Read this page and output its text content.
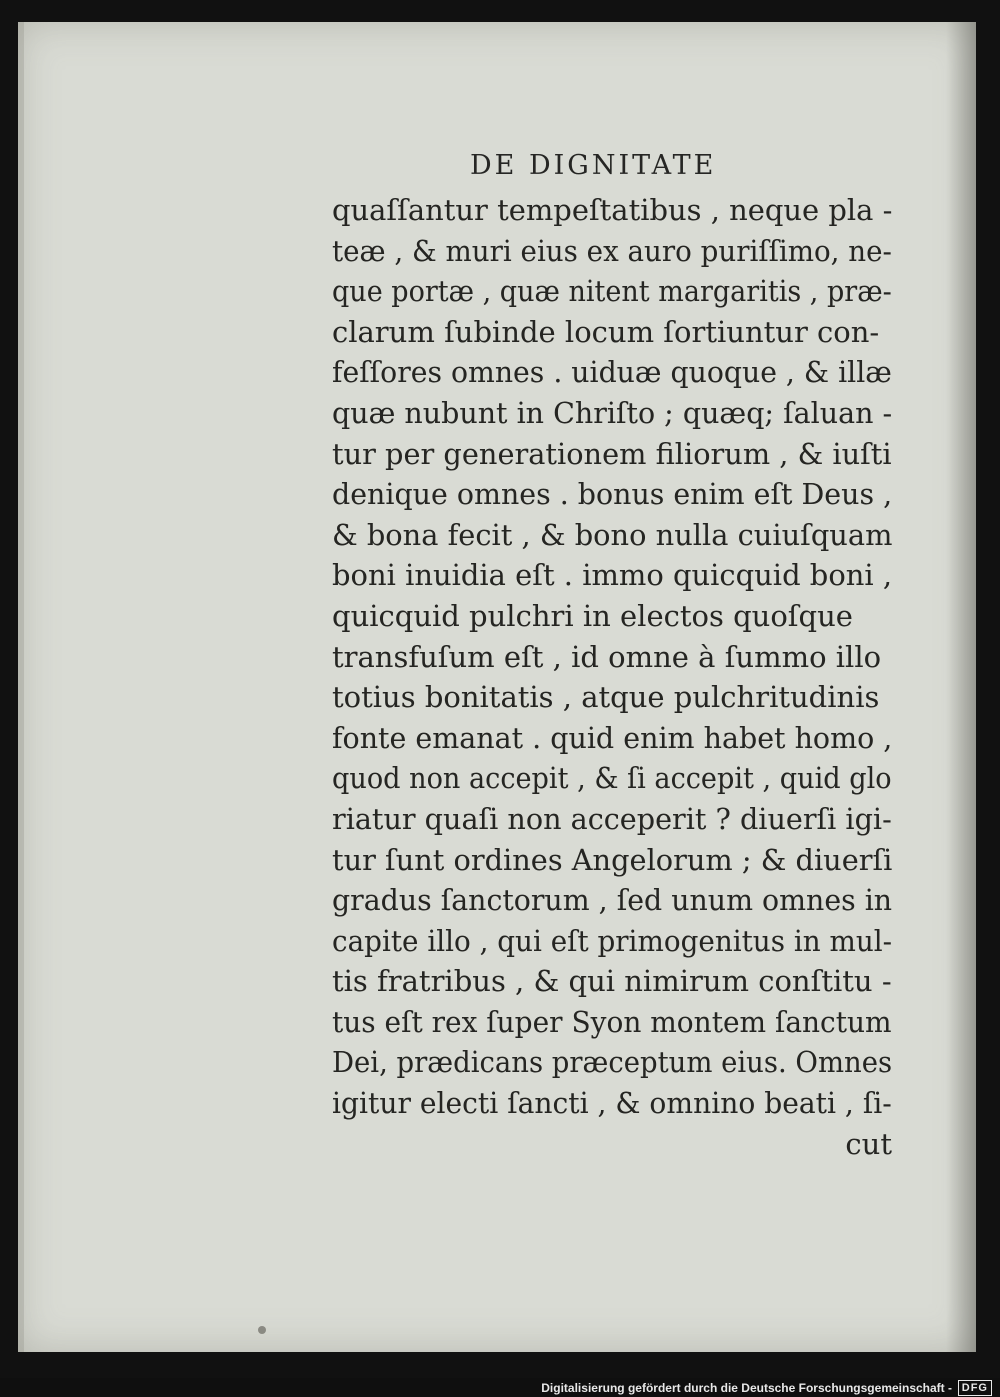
DE DIGNITATE
quaſſantur tempeſtatibus , neque pla -
teæ , & muri eius ex auro puriſſimo, ne-
que portæ , quæ nitent margaritis , præ-
clarum ſubinde locum ſortiuntur con-
feſſores omnes . uiduæ quoque , & illæ
quæ nubunt in Chriſto ; quæq; ſaluan -
tur per generationem filiorum , & iuſti
denique omnes . bonus enim eſt Deus ,
& bona fecit , & bono nulla cuiuſquam
boni inuidia eſt . immo quicquid boni ,
quicquid pulchri in electos quoſque
transfuſum eſt , id omne à ſummo illo
totius bonitatis , atque pulchritudinis
fonte emanat . quid enim habet homo ,
quod non accepit , & ſi accepit , quid glo
riatur quaſi non acceperit ? diuerſi igi-
tur ſunt ordines Angelorum ; & diuerſi
gradus ſanctorum , ſed unum omnes in
capite illo , qui eſt primogenitus in mul-
tis fratribus , & qui nimirum conſtitu -
tus eſt rex ſuper Syon montem ſanctum
Dei, prædicans præceptum eius. Omnes
igitur electi ſancti , & omnino beati , ſi-
cut
Digitalisierung gefördert durch die Deutsche Forschungsgemeinschaft - DFG
